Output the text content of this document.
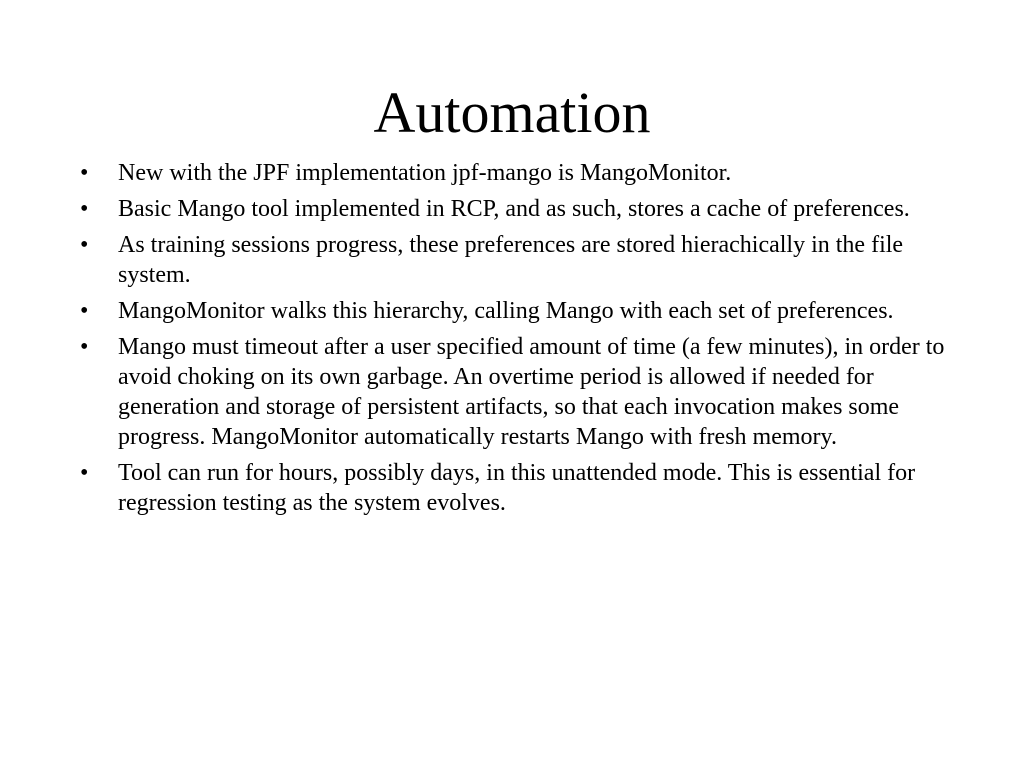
Automation
•	New with the JPF implementation jpf-mango is MangoMonitor.
•	Basic Mango tool implemented in RCP, and as such, stores a cache of preferences.
•	As training sessions progress, these preferences are stored hierachically in the file system.
•	MangoMonitor walks this hierarchy, calling Mango with each set of preferences.
•	Mango must timeout after a user specified amount of time (a few minutes), in order to avoid choking on its own garbage. An overtime period is allowed if needed for generation and storage of persistent artifacts, so that each invocation makes some progress. MangoMonitor automatically restarts Mango with fresh memory.
•	Tool can run for hours, possibly days, in this unattended mode. This is essential for regression testing as the system evolves.
